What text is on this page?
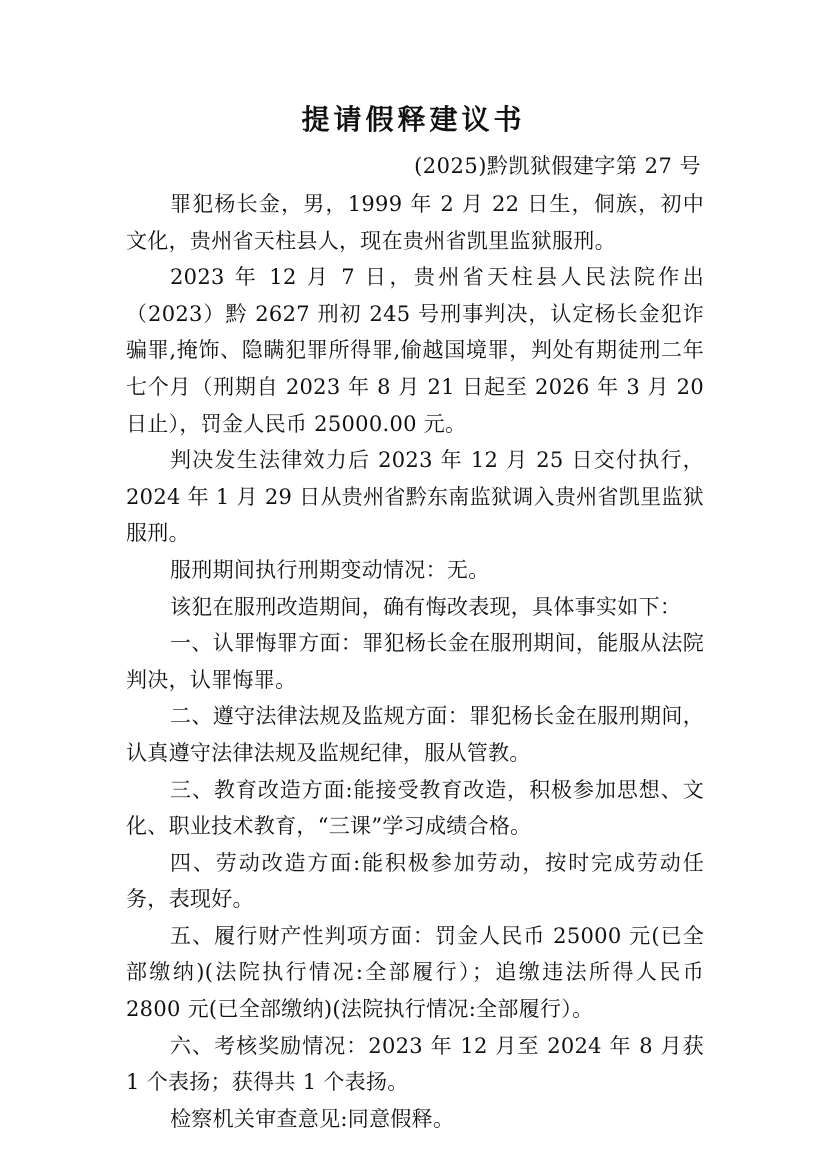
提请假释建议书
(2025)黔凯狱假建字第 27 号

罪犯杨长金，男，1999 年 2 月 22 日生，侗族，初中文化，贵州省天柱县人，现在贵州省凯里监狱服刑。

2023 年 12 月 7 日，贵州省天柱县人民法院作出（2023）黔 2627 刑初 245 号刑事判决，认定杨长金犯诈骗罪,掩饰、隐瞒犯罪所得罪,偷越国境罪，判处有期徒刑二年七个月（刑期自 2023 年 8 月 21 日起至 2026 年 3 月 20 日止），罚金人民币 25000.00 元。

判决发生法律效力后 2023 年 12 月 25 日交付执行，2024 年 1 月 29 日从贵州省黔东南监狱调入贵州省凯里监狱服刑。

服刑期间执行刑期变动情况：无。

该犯在服刑改造期间，确有悔改表现，具体事实如下：

一、认罪悔罪方面：罪犯杨长金在服刑期间，能服从法院判决，认罪悔罪。

二、遵守法律法规及监规方面：罪犯杨长金在服刑期间，认真遵守法律法规及监规纪律，服从管教。

三、教育改造方面:能接受教育改造，积极参加思想、文化、职业技术教育，“三课”学习成绩合格。

四、劳动改造方面:能积极参加劳动，按时完成劳动任务，表现好。

五、履行财产性判项方面：罚金人民币 25000 元(已全部缴纳)(法院执行情况:全部履行）；追缴违法所得人民币 2800 元(已全部缴纳)(法院执行情况:全部履行）。

六、考核奖励情况：2023 年 12 月至 2024 年 8 月获 1 个表扬；获得共 1 个表扬。

检察机关审查意见:同意假释。
